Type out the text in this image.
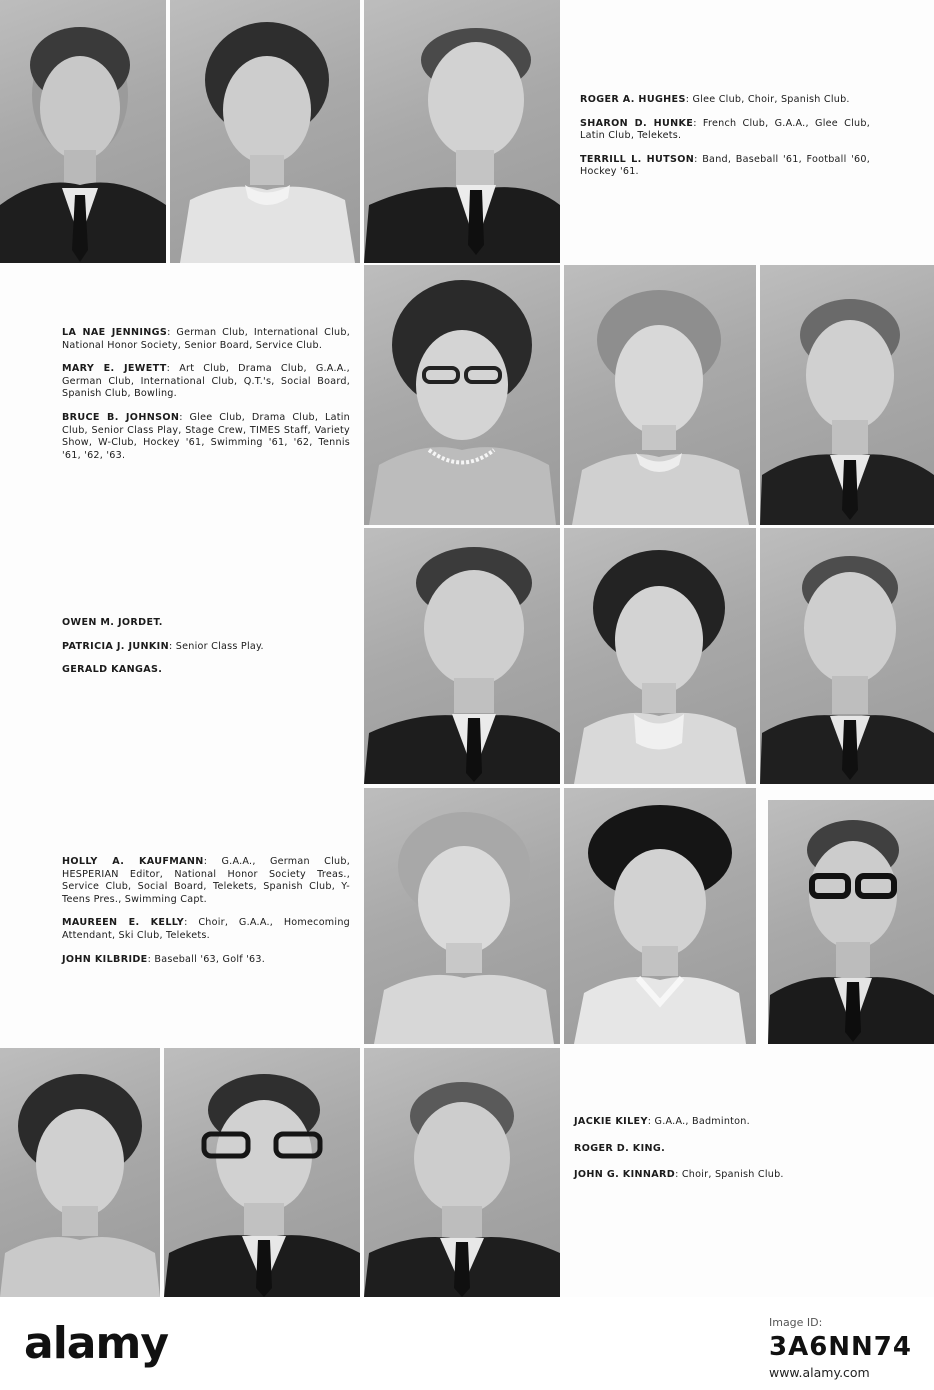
ROGER A. HUGHES: Glee Club, Choir, Spanish Club.
SHARON D. HUNKE: French Club, G.A.A., Glee Club, Latin Club, Telekets.
TERRILL L. HUTSON: Band, Baseball '61, Football '60, Hockey '61.
LA NAE JENNINGS: German Club, International Club, National Honor Society, Senior Board, Service Club.
MARY E. JEWETT: Art Club, Drama Club, G.A.A., German Club, International Club, Q.T.'s, Social Board, Spanish Club, Bowling.
BRUCE B. JOHNSON: Glee Club, Drama Club, Latin Club, Senior Class Play, Stage Crew, TIMES Staff, Variety Show, W-Club, Hockey '61, Swimming '61, '62, Tennis '61, '62, '63.
OWEN M. JORDET.
PATRICIA J. JUNKIN: Senior Class Play.
GERALD KANGAS.
HOLLY A. KAUFMANN: G.A.A., German Club, HESPERIAN Editor, National Honor Society Treas., Service Club, Social Board, Telekets, Spanish Club, Y-Teens Pres., Swimming Capt.
MAUREEN E. KELLY: Choir, G.A.A., Homecoming Attendant, Ski Club, Telekets.
JOHN KILBRIDE: Baseball '63, Golf '63.
JACKIE KILEY: G.A.A., Badminton.
ROGER D. KING.
JOHN G. KINNARD: Choir, Spanish Club.
alamy	Image ID:
3A6NN74
www.alamy.com
